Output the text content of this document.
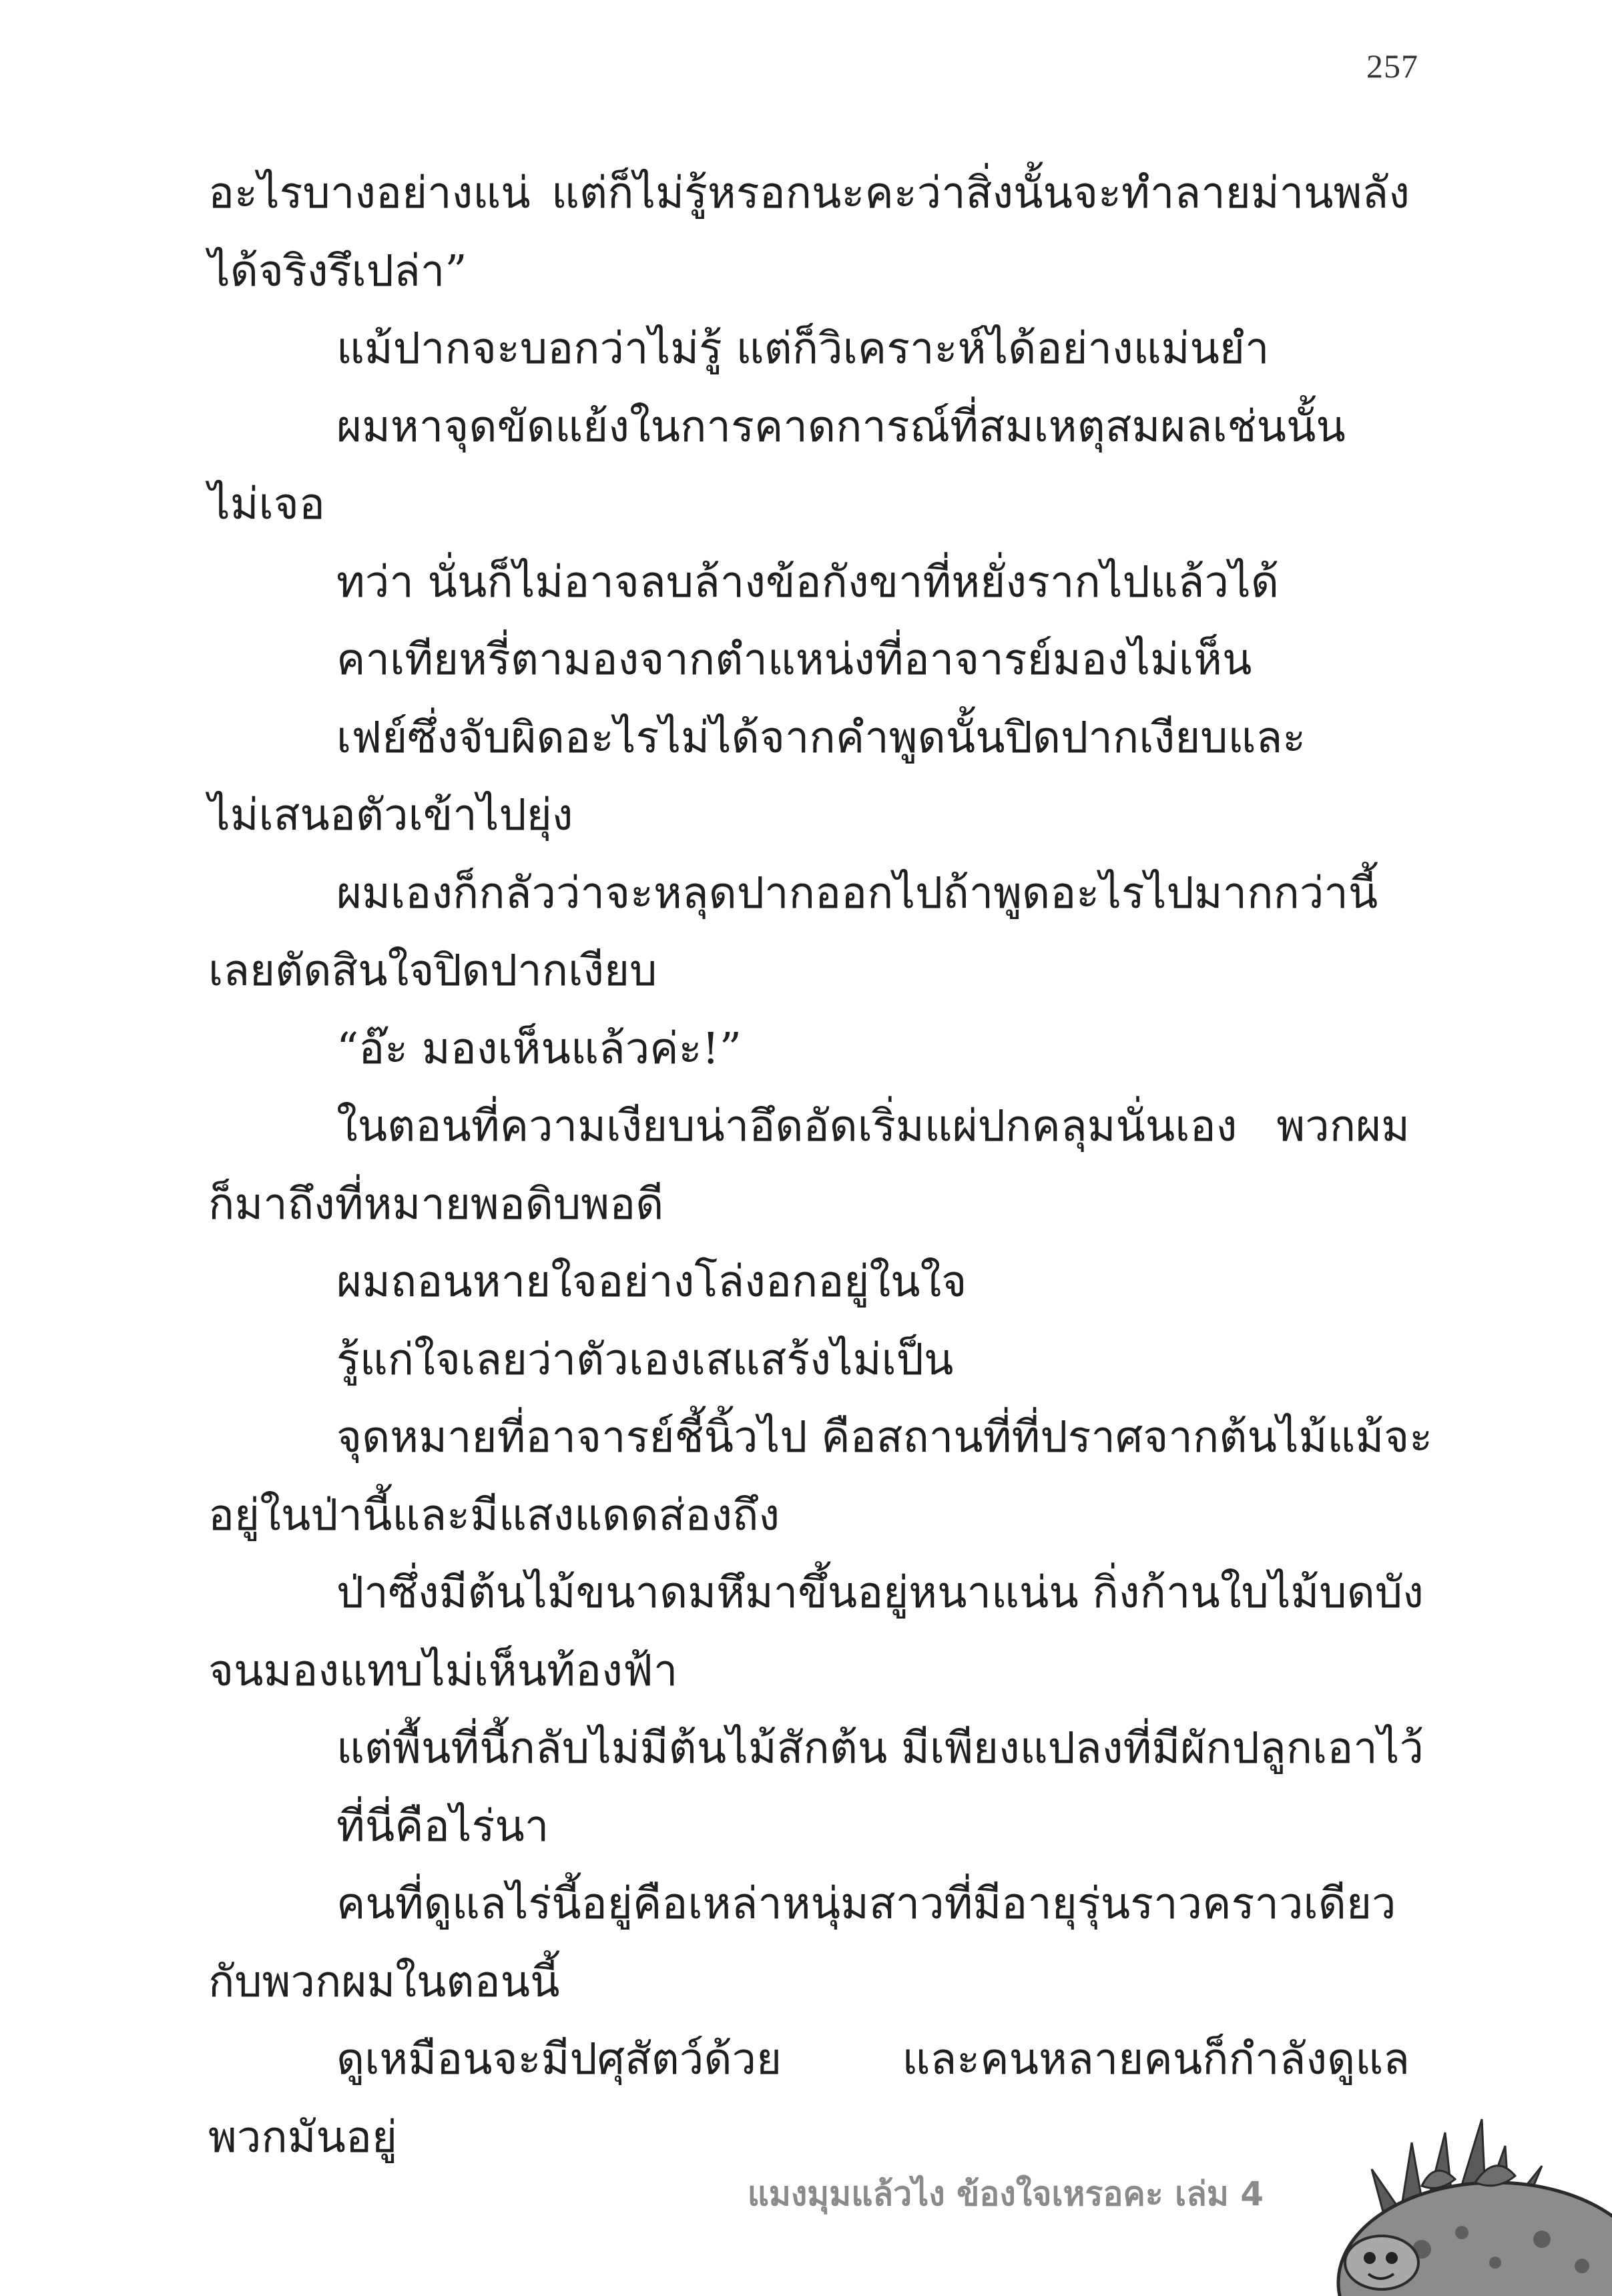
257
อะไรบางอย่างแน่ แต่ก็ไม่รู้หรอกนะคะว่าสิ่งนั้นจะทำลายม่านพลัง
ได้จริงรึเปล่า”
แม้ปากจะบอกว่าไม่รู้ แต่ก็วิเคราะห์ได้อย่างแม่นยำ
ผมหาจุดขัดแย้งในการคาดการณ์ที่สมเหตุสมผลเช่นนั้น
ไม่เจอ
ทว่า นั่นก็ไม่อาจลบล้างข้อกังขาที่หยั่งรากไปแล้วได้
คาเทียหรี่ตามองจากตำแหน่งที่อาจารย์มองไม่เห็น
เฟย์ซึ่งจับผิดอะไรไม่ได้จากคำพูดนั้นปิดปากเงียบและ
ไม่เสนอตัวเข้าไปยุ่ง
ผมเองก็กลัวว่าจะหลุดปากออกไปถ้าพูดอะไรไปมากกว่านี้
เลยตัดสินใจปิดปากเงียบ
“อ๊ะ มองเห็นแล้วค่ะ!”
ในตอนที่ความเงียบน่าอึดอัดเริ่มแผ่ปกคลุมนั่นเอง พวกผม
ก็มาถึงที่หมายพอดิบพอดี
ผมถอนหายใจอย่างโล่งอกอยู่ในใจ
รู้แก่ใจเลยว่าตัวเองเสแสร้งไม่เป็น
จุดหมายที่อาจารย์ชี้นิ้วไป คือสถานที่ที่ปราศจากต้นไม้แม้จะ
อยู่ในป่านี้และมีแสงแดดส่องถึง
ป่าซึ่งมีต้นไม้ขนาดมหึมาขึ้นอยู่หนาแน่น กิ่งก้านใบไม้บดบัง
จนมองแทบไม่เห็นท้องฟ้า
แต่พื้นที่นี้กลับไม่มีต้นไม้สักต้น มีเพียงแปลงที่มีผักปลูกเอาไว้
ที่นี่คือไร่นา
คนที่ดูแลไร่นี้อยู่คือเหล่าหนุ่มสาวที่มีอายุรุ่นราวคราวเดียว
กับพวกผมในตอนนี้
ดูเหมือนจะมีปศุสัตว์ด้วย และคนหลายคนก็กำลังดูแล
พวกมันอยู่
แมงมุมแล้วไง ข้องใจเหรอคะ เล่ม 4
